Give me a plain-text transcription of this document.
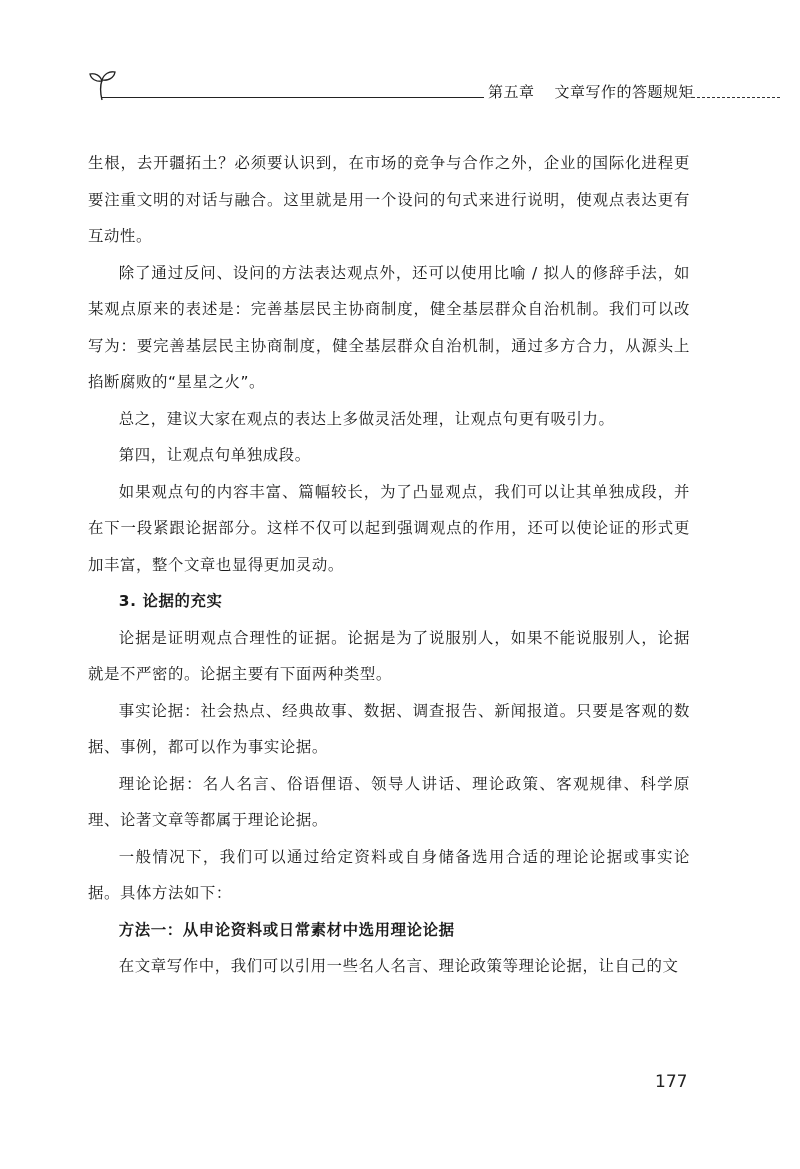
第五章 文章写作的答题规矩

生根，去开疆拓土？必须要认识到，在市场的竞争与合作之外，企业的国际化进程更要注重文明的对话与融合。这里就是用一个设问的句式来进行说明，使观点表达更有互动性。

除了通过反问、设问的方法表达观点外，还可以使用比喻 / 拟人的修辞手法，如某观点原来的表述是：完善基层民主协商制度，健全基层群众自治机制。我们可以改写为：要完善基层民主协商制度，健全基层群众自治机制，通过多方合力，从源头上掐断腐败的“星星之火”。

总之，建议大家在观点的表达上多做灵活处理，让观点句更有吸引力。

第四，让观点句单独成段。

如果观点句的内容丰富、篇幅较长，为了凸显观点，我们可以让其单独成段，并在下一段紧跟论据部分。这样不仅可以起到强调观点的作用，还可以使论证的形式更加丰富，整个文章也显得更加灵动。

3. 论据的充实

论据是证明观点合理性的证据。论据是为了说服别人，如果不能说服别人，论据就是不严密的。论据主要有下面两种类型。

事实论据：社会热点、经典故事、数据、调查报告、新闻报道。只要是客观的数据、事例，都可以作为事实论据。

理论论据：名人名言、俗语俚语、领导人讲话、理论政策、客观规律、科学原理、论著文章等都属于理论论据。

一般情况下，我们可以通过给定资料或自身储备选用合适的理论论据或事实论据。具体方法如下：

方法一：从申论资料或日常素材中选用理论论据

在文章写作中，我们可以引用一些名人名言、理论政策等理论论据，让自己的文

177
